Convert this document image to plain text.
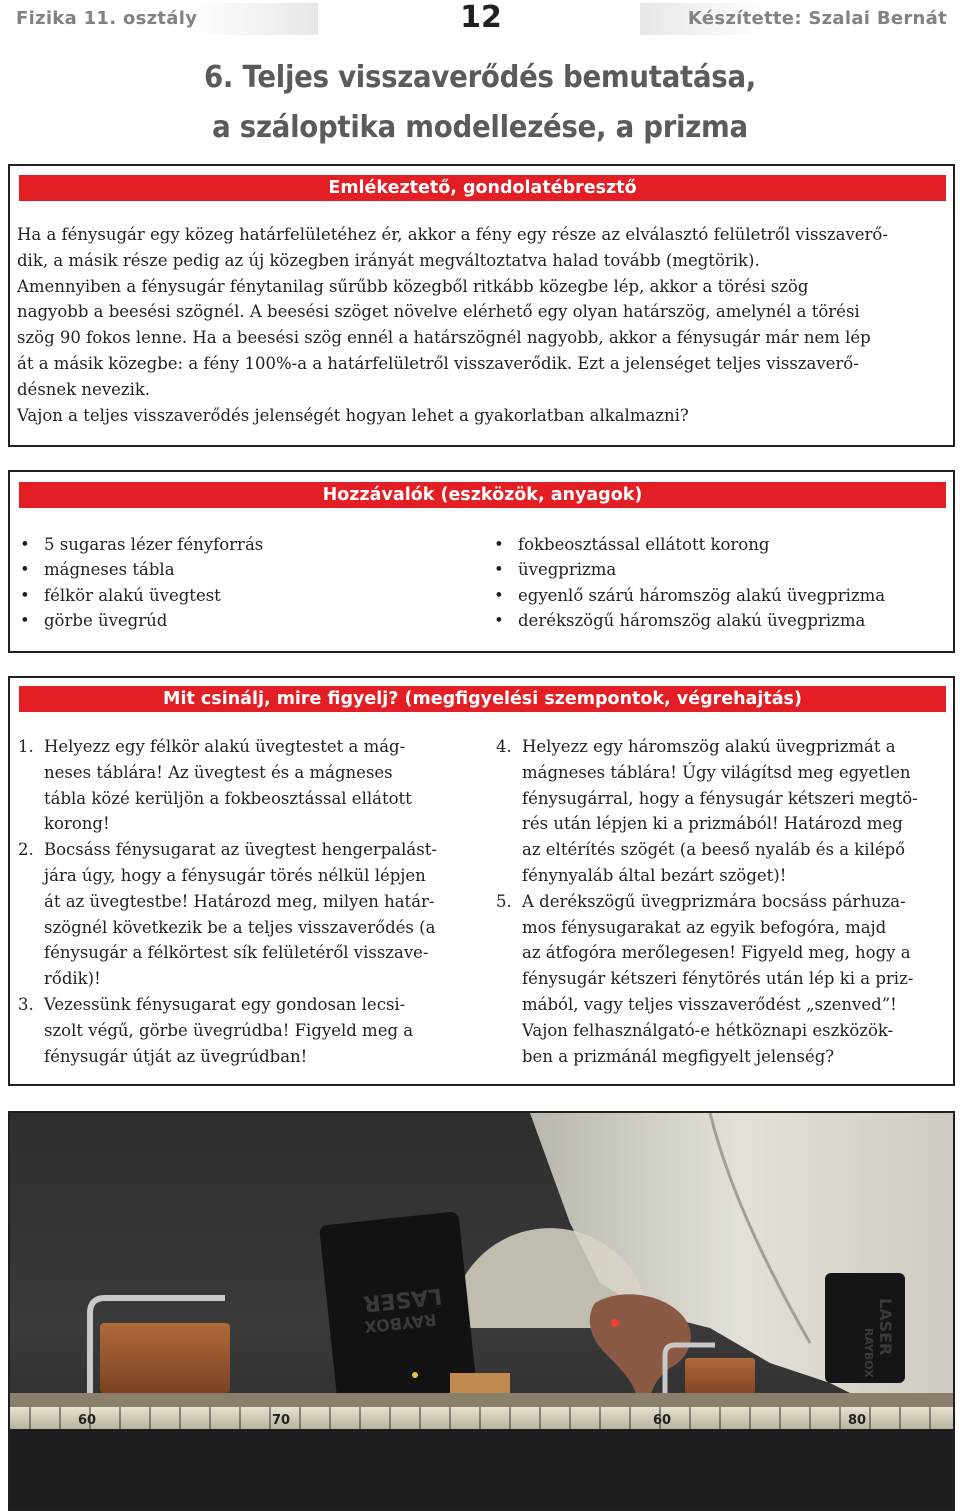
Fizika 11. osztály	12	Készítette: Szalai Bernát
6. Teljes visszaverődés bemutatása,
a száloptika modellezése, a prizma
Emlékeztető, gondolatébresztő
Ha a fénysugár egy közeg határfelületéhez ér, akkor a fény egy része az elválasztó felületről visszaverő-
dik, a másik része pedig az új közegben irányát megváltoztatva halad tovább (megtörik).
Amennyiben a fénysugár fénytanilag sűrűbb közegből ritkább közegbe lép, akkor a törési szög
nagyobb a beesési szögnél. A beesési szöget növelve elérhető egy olyan határszög, amelynél a törési
szög 90 fokos lenne. Ha a beesési szög ennél a határszögnél nagyobb, akkor a fénysugár már nem lép
át a másik közegbe: a fény 100%-a a határfelületről visszaverődik. Ezt a jelenséget teljes visszaverő-
désnek nevezik.
Vajon a teljes visszaverődés jelenségét hogyan lehet a gyakorlatban alkalmazni?
Hozzávalók (eszközök, anyagok)
• 5 sugaras lézer fényforrás
• mágneses tábla
• félkör alakú üvegtest
• görbe üvegrúd
• fokbeosztással ellátott korong
• üvegprizma
• egyenlő szárú háromszög alakú üvegprizma
• derékszögű háromszög alakú üvegprizma
Mit csinálj, mire figyelj? (megfigyelési szempontok, végrehajtás)
1. Helyezz egy félkör alakú üvegtestet a mág-
neses táblára! Az üvegtest és a mágneses
tábla közé kerüljön a fokbeosztással ellátott
korong!
2. Bocsáss fénysugarat az üvegtest hengerpalást-
jára úgy, hogy a fénysugár törés nélkül lépjen
át az üvegtestbe! Határozd meg, milyen határ-
szögnél következik be a teljes visszaverődés (a
fénysugár a félkörtest sík felületéről visszave-
rődik)!
3. Vezessünk fénysugarat egy gondosan lecsi-
szolt végű, görbe üvegrúdba! Figyeld meg a
fénysugár útját az üvegrúdban!
4. Helyezz egy háromszög alakú üvegprizmát a
mágneses táblára! Úgy világítsd meg egyetlen
fénysugárral, hogy a fénysugár kétszeri megtö-
rés után lépjen ki a prizmából! Határozd meg
az eltérítés szögét (a beeső nyaláb és a kilépő
fénynyaláb által bezárt szöget)!
5. A derékszögű üvegprizmára bocsáss párhuza-
mos fénysugarakat az egyik befogóra, majd
az átfogóra merőlegesen! Figyeld meg, hogy a
fénysugár kétszeri fénytörés után lép ki a priz-
mából, vagy teljes visszaverődést „szenved”!
Vajon felhasználgató-e hétköznapi eszközök-
ben a prizmánál megfigyelt jelenség?
LASER
RAYBOX	LASER
RAYBOX
60	70	60	80
